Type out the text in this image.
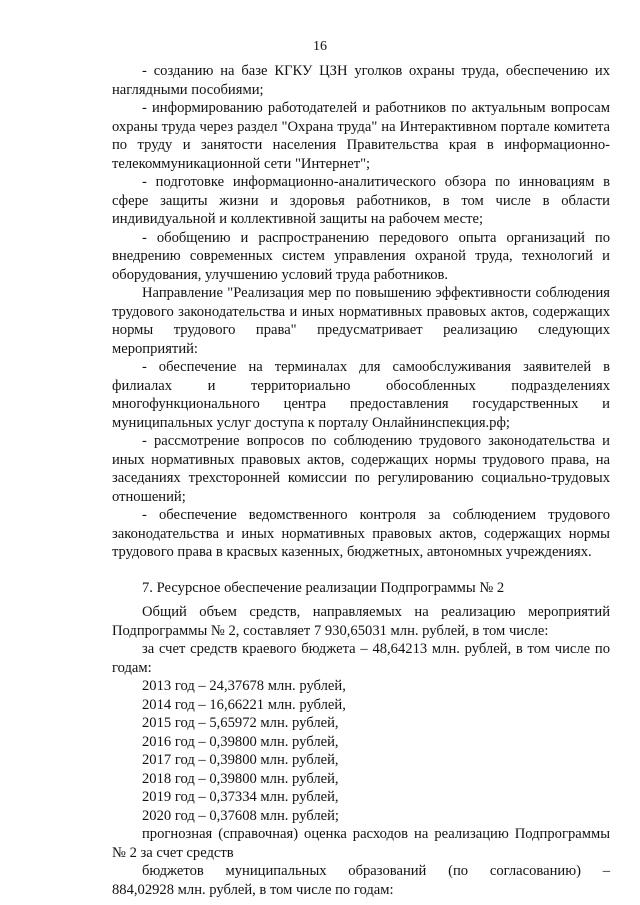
16

- созданию на базе КГКУ ЦЗН уголков охраны труда, обеспечению их наглядными пособиями;

- информированию работодателей и работников по актуальным вопросам охраны труда через раздел "Охрана труда" на Интерактивном портале комитета по труду и занятости населения Правительства края в информационно-телекоммуникационной сети "Интернет";

- подготовке информационно-аналитического обзора по инновациям в сфере защиты жизни и здоровья работников, в том числе в области индивидуальной и коллективной защиты на рабочем месте;

- обобщению и распространению передового опыта организаций по внедрению современных систем управления охраной труда, технологий и оборудования, улучшению условий труда работников.

Направление "Реализация мер по повышению эффективности соблюдения трудового законодательства и иных нормативных правовых актов, содержащих нормы трудового права" предусматривает реализацию следующих мероприятий:

- обеспечение на терминалах для самообслуживания заявителей в филиалах и территориально обособленных подразделениях многофункционального центра предоставления государственных и муниципальных услуг доступа к порталу Онлайнинспекция.рф;

- рассмотрение вопросов по соблюдению трудового законодательства и иных нормативных правовых актов, содержащих нормы трудового права, на заседаниях трехсторонней комиссии по регулированию социально-трудовых отношений;

- обеспечение ведомственного контроля за соблюдением трудового законодательства и иных нормативных правовых актов, содержащих нормы трудового права в красвых казенных, бюджетных, автономных учреждениях.

7. Ресурсное обеспечение реализации Подпрограммы № 2

Общий объем средств, направляемых на реализацию мероприятий Подпрограммы № 2, составляет 7 930,65031 млн. рублей, в том числе:

за счет средств краевого бюджета – 48,64213 млн. рублей, в том числе по годам:

2013 год – 24,37678 млн. рублей,

2014 год – 16,66221 млн. рублей,

2015 год – 5,65972 млн. рублей,

2016 год – 0,39800 млн. рублей,

2017 год – 0,39800 млн. рублей,

2018 год – 0,39800 млн. рублей,

2019 год – 0,37334 млн. рублей,

2020 год – 0,37608 млн. рублей;

прогнозная (справочная) оценка расходов на реализацию Подпрограммы № 2 за счет средств

бюджетов муниципальных образований (по согласованию) –

884,02928 млн. рублей, в том числе по годам:
